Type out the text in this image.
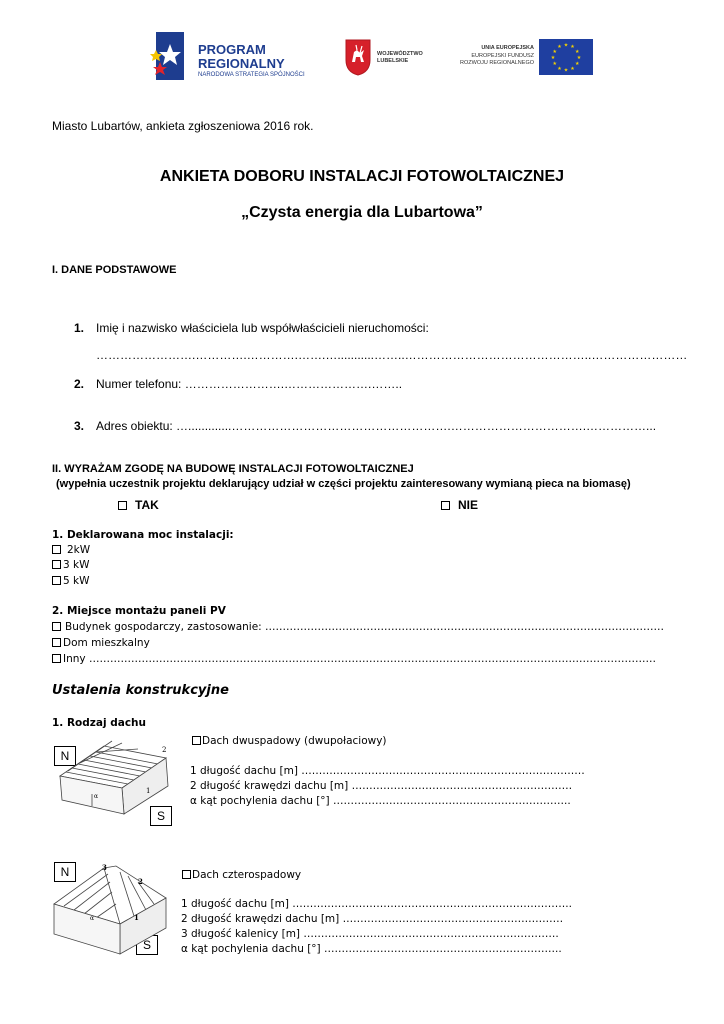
PROGRAM
REGIONALNY
NARODOWA STRATEGIA SPÓJNOŚCI
WOJEWÓDZTWO
LUBELSKIE
UNIA EUROPEJSKA
EUROPEJSKI FUNDUSZ
ROZWOJU REGIONALNEGO
★ ★
★
★
★
★
★
★
★
★
★
★
Miasto Lubartów, ankieta zgłoszeniowa 2016 rok.
ANKIETA DOBORU INSTALACJI FOTOWOLTAICZNEJ
„Czysta energia dla Lubartowa”
I. DANE PODSTAWOWE
1. Imię i nazwisko właściciela lub współwłaścicieli nieruchomości:
…………………….………….………….…….…...........……..………………………………………..……………………
2. Numer telefonu: …………………….………………….……..
3. Adres obiektu: ….............……………………………………………….…………………………….……………...
II. WYRAŻAM ZGODĘ NA BUDOWĘ INSTALACJI FOTOWOLTAICZNEJ
(wypełnia uczestnik projektu deklarujący udział w części projektu zainteresowany wymianą pieca na biomasę)
TAK	NIE
1. Deklarowana moc instalacji:
2kW
3 kW
5 kW
2. Miejsce montażu paneli PV
Budynek gospodarczy, zastosowanie: ……………………………………………………………………………………………………
Dom mieszkalny
Inny ………………………………………………………………………………………………………………………………………………
Ustalenia konstrukcyjne
1. Rodzaj dachu
N
S
2
1
α
Dach dwuspadowy (dwupołaciowy)
1 długość dachu [m] ………………………………………………………………………
2 długość krawędzi dachu [m] ………………………………………………………
α kąt pochylenia dachu [°] …………………………………………………………..
N
S
3
2
1
α
Dach czterospadowy
1 długość dachu [m] ……………………………………………………………………..
2 długość krawędzi dachu [m] ………………………………………………………
3 długość kalenicy [m] ……………………………………………………………….
α kąt pochylenia dachu [°] …………………………………………………………..
